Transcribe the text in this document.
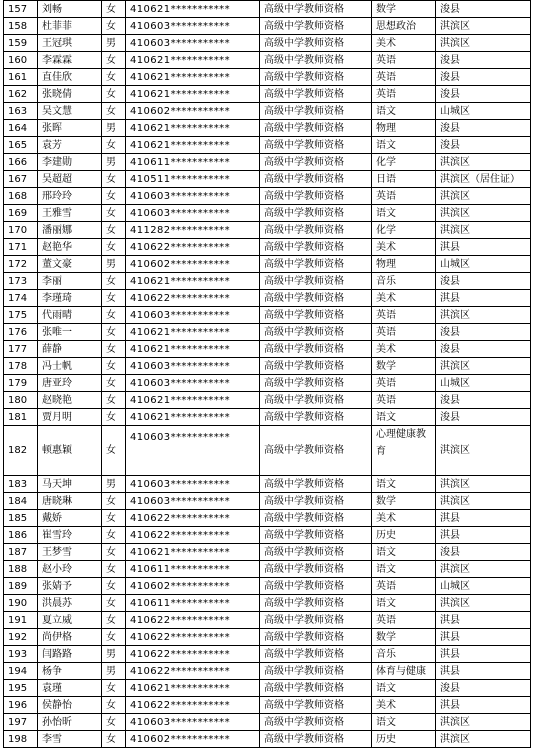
157	刘畅	女	410621***********	高级中学教师资格	数学	浚县
158	杜菲菲	女	410603***********	高级中学教师资格	思想政治	淇滨区
159	王冠琪	男	410603***********	高级中学教师资格	美术	淇滨区
160	李霖霖	女	410621***********	高级中学教师资格	英语	浚县
161	直佳欣	女	410621***********	高级中学教师资格	英语	浚县
162	张晓倩	女	410621***********	高级中学教师资格	英语	浚县
163	吴文慧	女	410602***********	高级中学教师资格	语文	山城区
164	张晖	男	410621***********	高级中学教师资格	物理	浚县
165	袁芳	女	410621***********	高级中学教师资格	语文	浚县
166	李建勋	男	410611***********	高级中学教师资格	化学	淇滨区
167	吴超超	女	410511***********	高级中学教师资格	日语	淇滨区（居住证）
168	邢玲玲	女	410603***********	高级中学教师资格	英语	淇滨区
169	王雅雪	女	410603***********	高级中学教师资格	语文	淇滨区
170	潘丽娜	女	411282***********	高级中学教师资格	化学	淇滨区
171	赵艳华	女	410622***********	高级中学教师资格	美术	淇县
172	董文豪	男	410602***********	高级中学教师资格	物理	山城区
173	李丽	女	410621***********	高级中学教师资格	音乐	浚县
174	李瑾琦	女	410622***********	高级中学教师资格	美术	淇县
175	代雨晴	女	410603***********	高级中学教师资格	英语	淇滨区
176	张唯一	女	410621***********	高级中学教师资格	英语	浚县
177	薛静	女	410621***********	高级中学教师资格	美术	浚县
178	冯士帆	女	410603***********	高级中学教师资格	数学	淇滨区
179	唐亚玲	女	410603***********	高级中学教师资格	英语	山城区
180	赵晓艳	女	410621***********	高级中学教师资格	英语	浚县
181	贾月明	女	410621***********	高级中学教师资格	语文	浚县
182	顿惠颖	女	410603***********	高级中学教师资格	心理健康教育	淇滨区
183	马天坤	男	410603***********	高级中学教师资格	语文	淇滨区
184	唐晓琳	女	410603***********	高级中学教师资格	数学	淇滨区
185	戴娇	女	410622***********	高级中学教师资格	美术	淇县
186	崔雪玲	女	410622***********	高级中学教师资格	历史	淇县
187	王梦雪	女	410621***********	高级中学教师资格	语文	浚县
188	赵小玲	女	410611***********	高级中学教师资格	语文	淇滨区
189	张婧予	女	410602***********	高级中学教师资格	英语	山城区
190	洪晨苏	女	410611***********	高级中学教师资格	语文	淇滨区
191	夏立威	女	410622***********	高级中学教师资格	英语	淇县
192	尚伊格	女	410622***********	高级中学教师资格	数学	淇县
193	闫路路	男	410622***********	高级中学教师资格	音乐	淇县
194	杨争	男	410622***********	高级中学教师资格	体育与健康	淇县
195	袁瑾	女	410621***********	高级中学教师资格	语文	浚县
196	侯静怡	女	410622***********	高级中学教师资格	美术	淇县
197	孙怡昕	女	410603***********	高级中学教师资格	语文	淇滨区
198	李雪	女	410602***********	高级中学教师资格	历史	淇滨区
